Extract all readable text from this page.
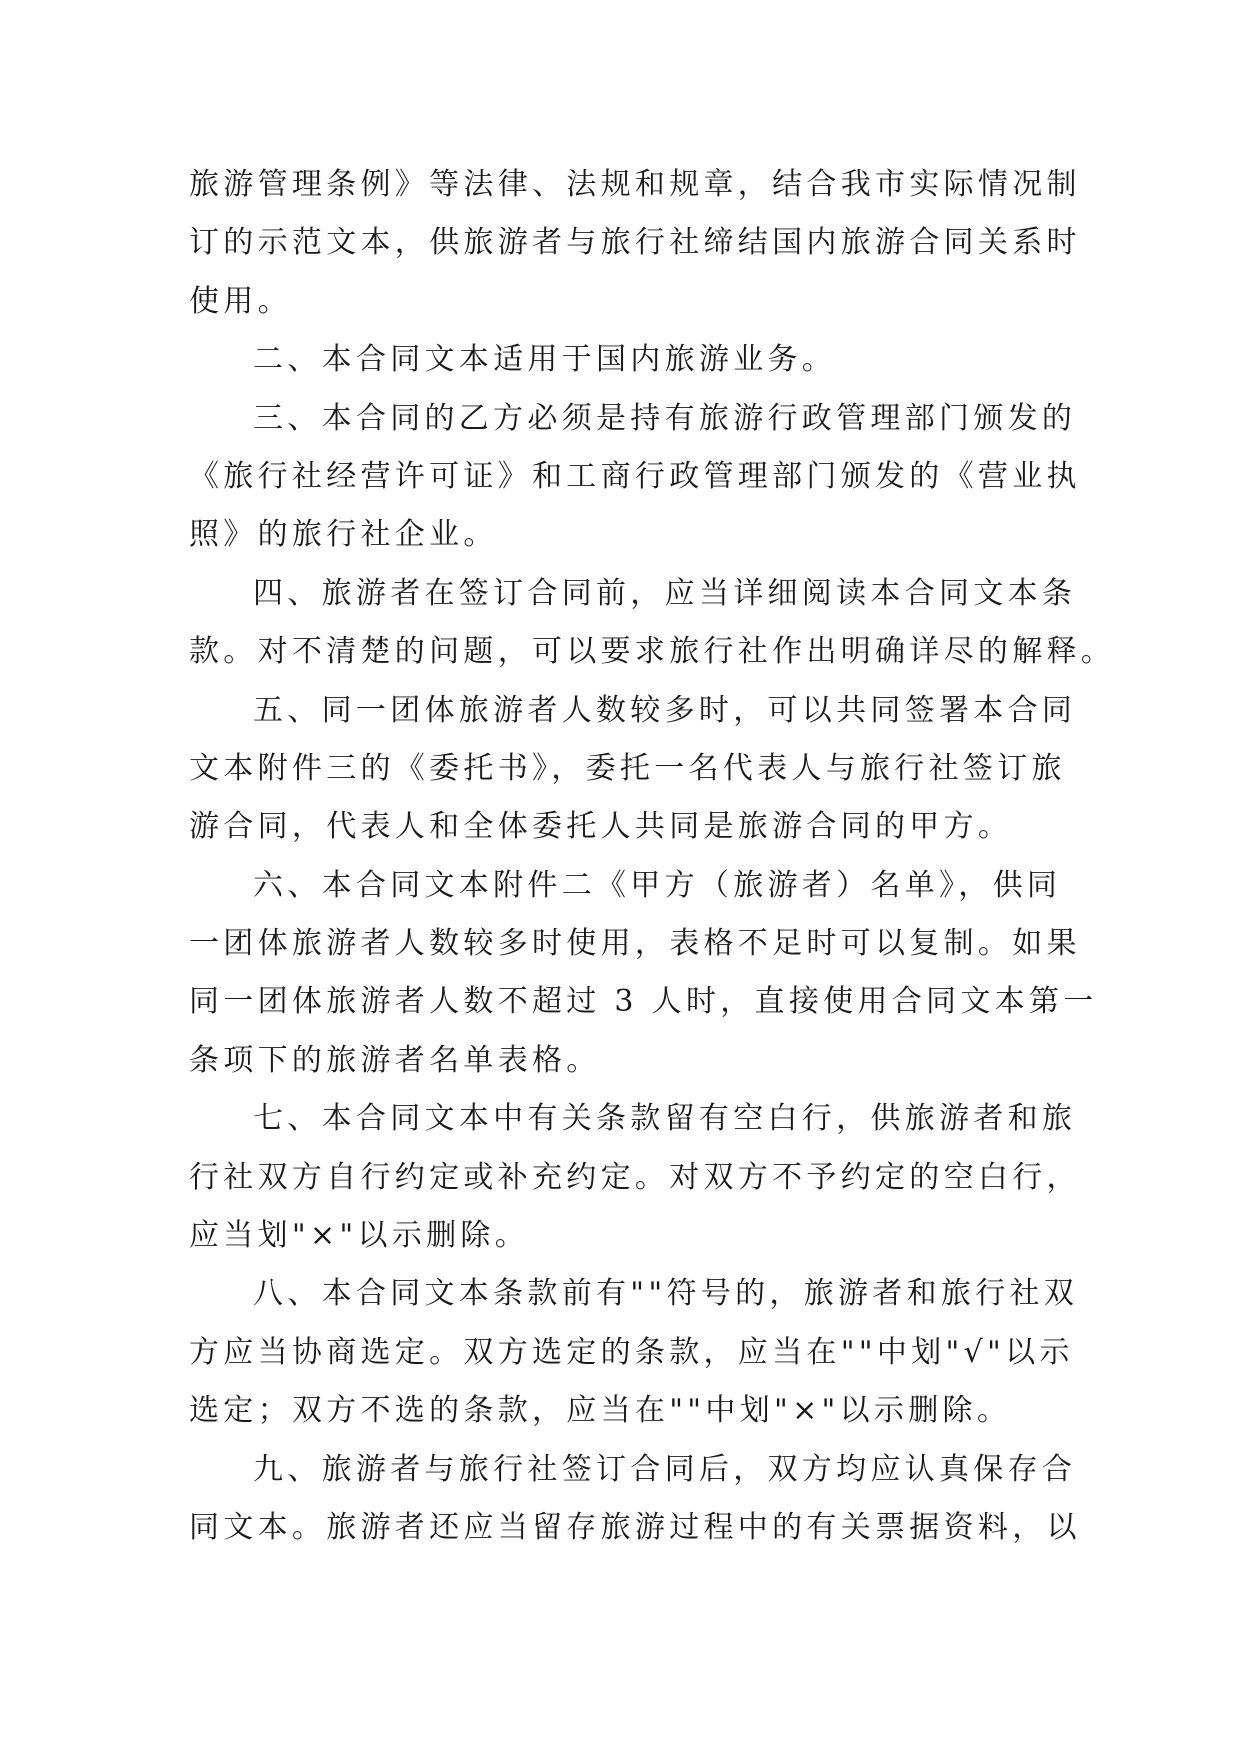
旅游管理条例》等法律、法规和规章，结合我市实际情况制
订的示范文本，供旅游者与旅行社缔结国内旅游合同关系时
使用。
二、本合同文本适用于国内旅游业务。
三、本合同的乙方必须是持有旅游行政管理部门颁发的
《旅行社经营许可证》和工商行政管理部门颁发的《营业执
照》的旅行社企业。
四、旅游者在签订合同前，应当详细阅读本合同文本条
款。对不清楚的问题，可以要求旅行社作出明确详尽的解释。
五、同一团体旅游者人数较多时，可以共同签署本合同
文本附件三的《委托书》，委托一名代表人与旅行社签订旅
游合同，代表人和全体委托人共同是旅游合同的甲方。
六、本合同文本附件二《甲方（旅游者）名单》，供同
一团体旅游者人数较多时使用，表格不足时可以复制。如果
同一团体旅游者人数不超过 3 人时，直接使用合同文本第一
条项下的旅游者名单表格。
七、本合同文本中有关条款留有空白行，供旅游者和旅
行社双方自行约定或补充约定。对双方不予约定的空白行，
应当划"×"以示删除。
八、本合同文本条款前有""符号的，旅游者和旅行社双
方应当协商选定。双方选定的条款，应当在""中划"√"以示
选定；双方不选的条款，应当在""中划"×"以示删除。
九、旅游者与旅行社签订合同后，双方均应认真保存合
同文本。旅游者还应当留存旅游过程中的有关票据资料，以
